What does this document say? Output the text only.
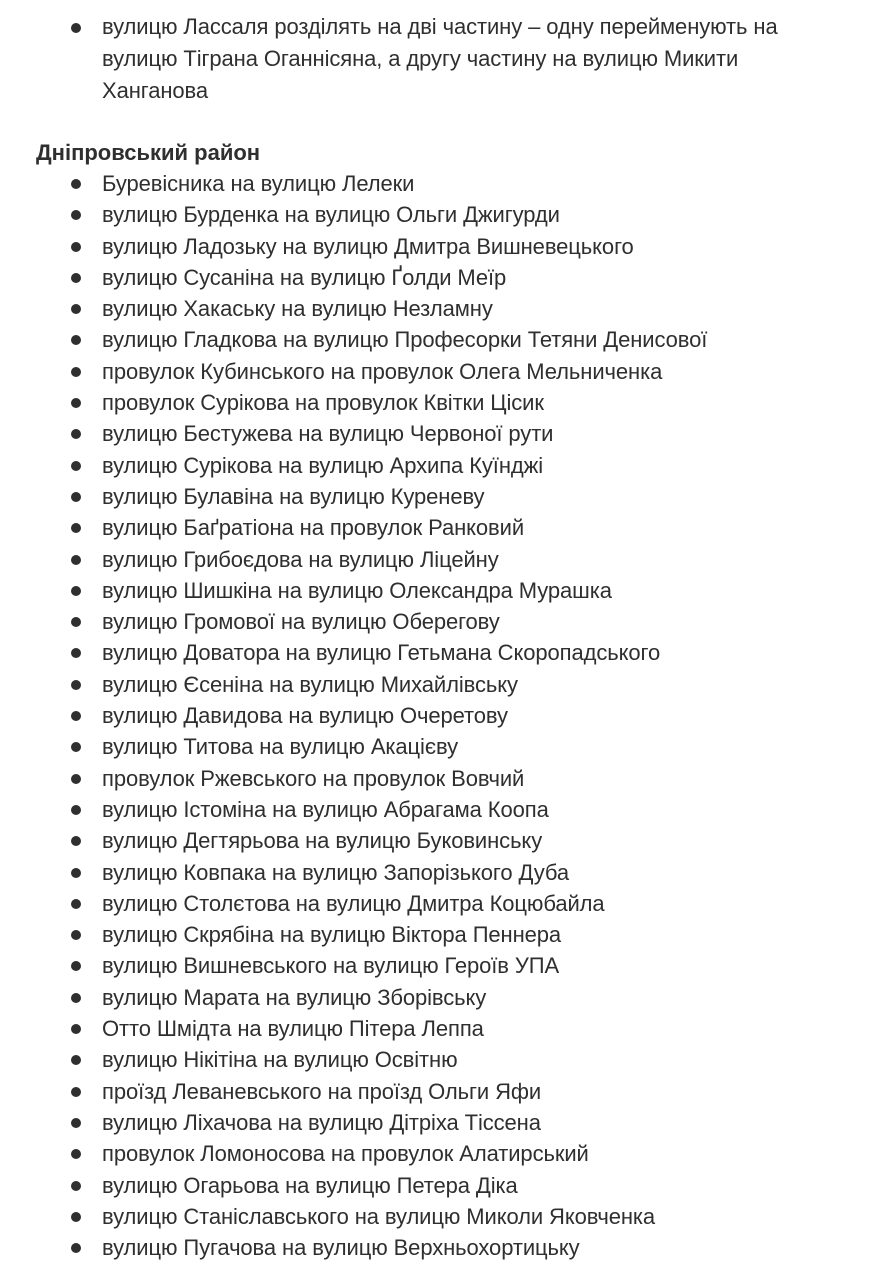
вулицю Лассаля розділять на дві частину – одну перейменують на вулицю Тіграна Оганнісяна, а другу частину на вулицю Микити Ханганова
Дніпровський район
Буревісника на вулицю Лелеки
вулицю Бурденка на вулицю Ольги Джигурди
вулицю Ладозьку на вулицю Дмитра Вишневецького
вулицю Сусаніна на вулицю Ґолди Меїр
вулицю Хакаську на вулицю Незламну
вулицю Гладкова на вулицю Професорки Тетяни Денисової
провулок Кубинського на провулок Олега Мельниченка
провулок Сурікова на провулок Квітки Цісик
вулицю Бестужева на вулицю Червоної рути
вулицю Сурікова на вулицю Архипа Куїнджі
вулицю Булавіна на вулицю Куреневу
вулицю Баґратіона на провулок Ранковий
вулицю Грибоєдова на вулицю Ліцейну
вулицю Шишкіна на вулицю Олександра Мурашка
вулицю Громової на вулицю Оберегову
вулицю Доватора на вулицю Гетьмана Скоропадського
вулицю Єсеніна на вулицю Михайлівську
вулицю Давидова на вулицю Очеретову
вулицю Титова на вулицю Акацієву
провулок Ржевського на провулок Вовчий
вулицю Істоміна на вулицю Абрагама Коопа
вулицю Дегтярьова на вулицю Буковинську
вулицю Ковпака на вулицю Запорізького Дуба
вулицю Столєтова на вулицю Дмитра Коцюбайла
вулицю Скрябіна на вулицю Віктора Пеннера
вулицю Вишневського на вулицю Героїв УПА
вулицю Марата на вулицю Зборівську
Отто Шмідта на вулицю Пітера Леппа
вулицю Нікітіна на вулицю Освітню
проїзд Леваневського на проїзд Ольги Яфи
вулицю Ліхачова на вулицю Дітріха Тіссена
провулок Ломоносова на провулок Алатирський
вулицю Огарьова на вулицю Петера Діка
вулицю Станіславського на вулицю Миколи Яковченка
вулицю Пугачова на вулицю Верхньохортицьку
